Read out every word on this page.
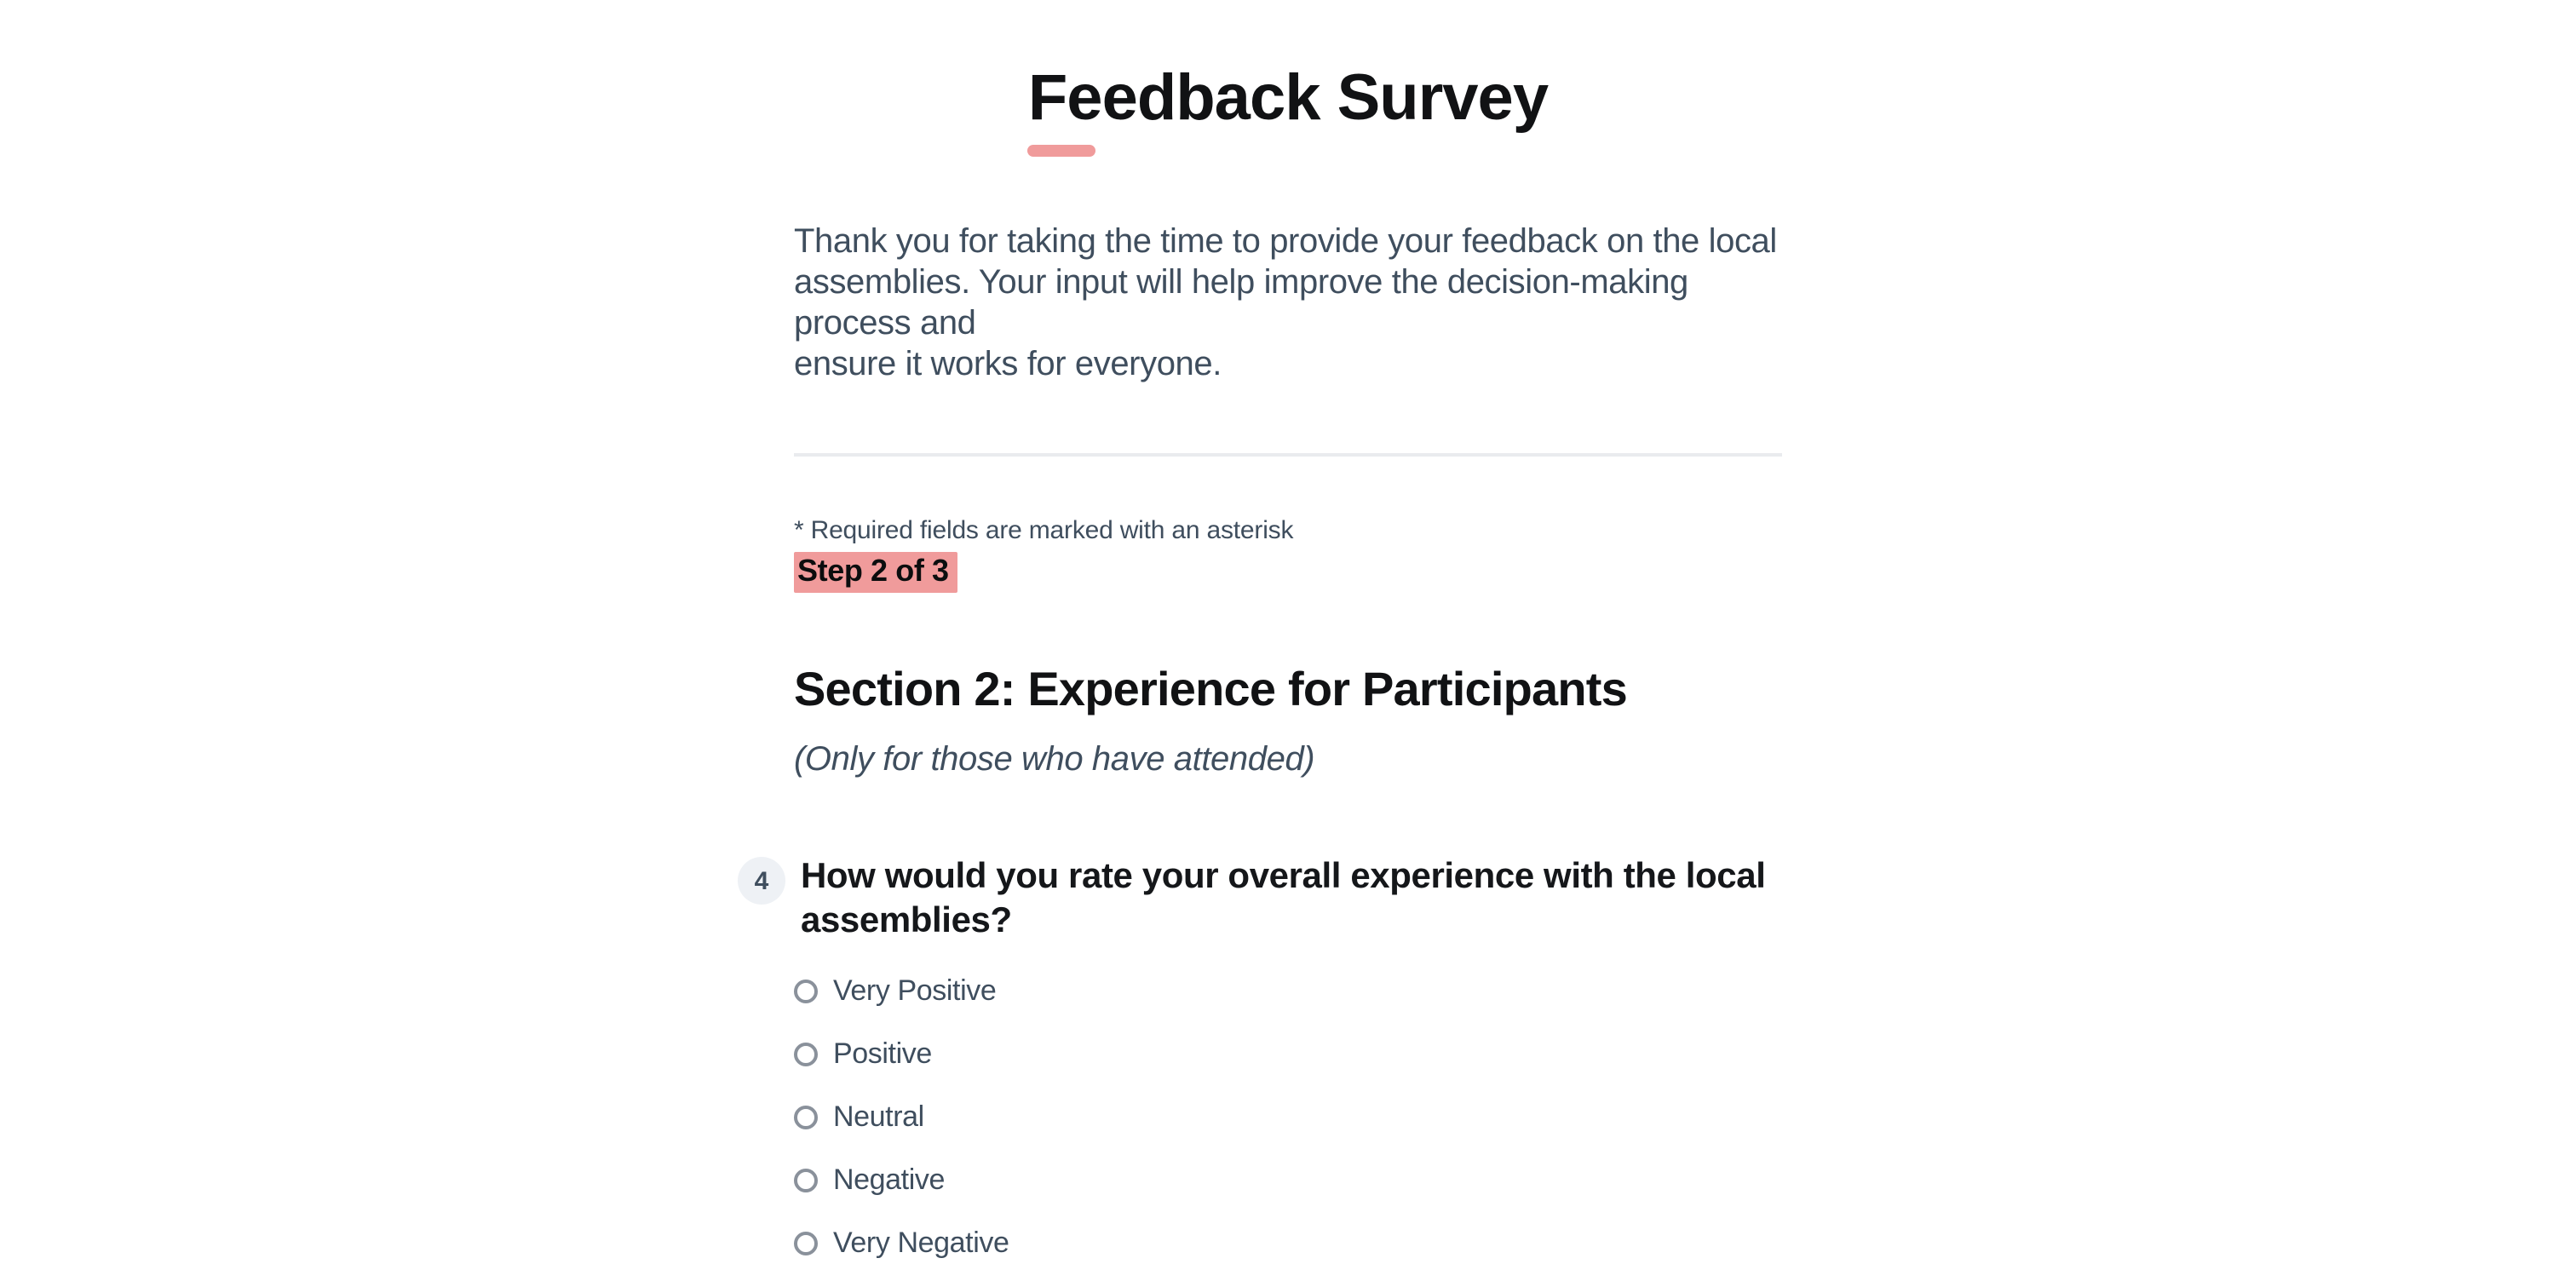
Feedback Survey

Thank you for taking the time to provide your feedback on the local
assemblies. Your input will help improve the decision-making process and
ensure it works for everyone.

* Required fields are marked with an asterisk
Step 2 of 3
Section 2: Experience for Participants
(Only for those who have attended)
4	How would you rate your overall experience with the local
assemblies?
Very Positive
Positive
Neutral
Negative
Very Negative
